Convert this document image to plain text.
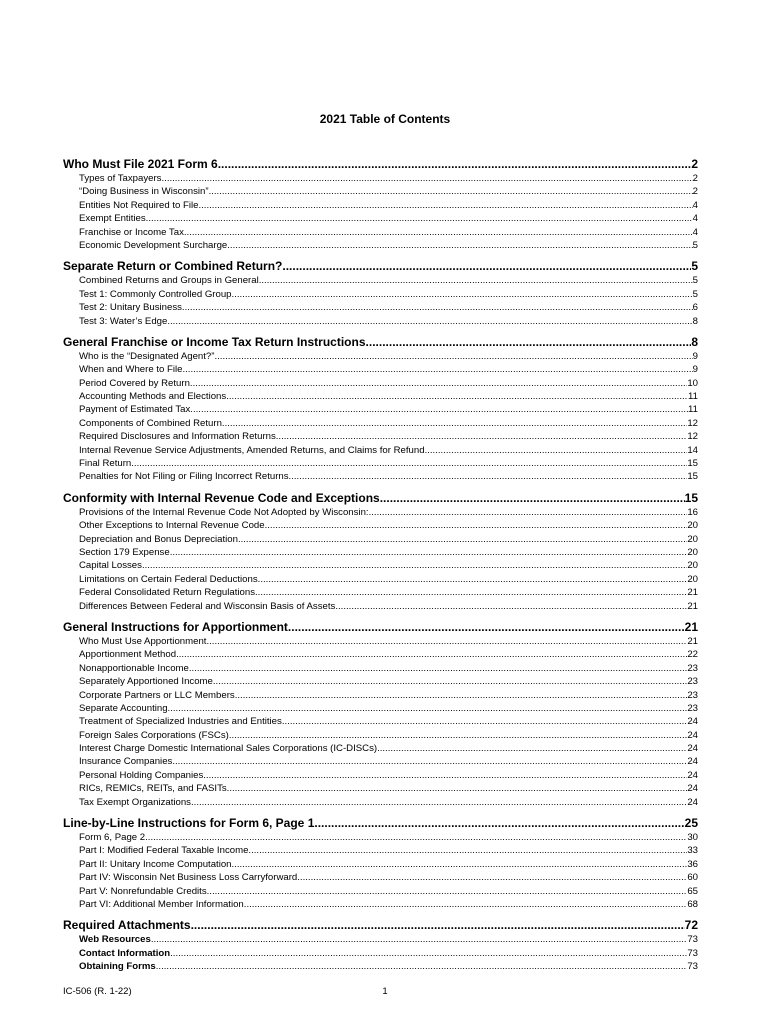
2021 Table of Contents
Who Must File 2021 Form 6 .....	2
Types of Taxpayers .....	2
“Doing Business in Wisconsin” .....	2
Entities Not Required to File .....	4
Exempt Entities .....	4
Franchise or Income Tax .....	4
Economic Development Surcharge .....	5
Separate Return or Combined Return? .....	5
Combined Returns and Groups in General .....	5
Test 1: Commonly Controlled Group .....	5
Test 2: Unitary Business .....	6
Test 3: Water’s Edge .....	8
General Franchise or Income Tax Return Instructions .....	8
Who is the “Designated Agent?” .....	9
When and Where to File .....	9
Period Covered by Return .....	10
Accounting Methods and Elections .....	11
Payment of Estimated Tax .....	11
Components of Combined Return .....	12
Required Disclosures and Information Returns .....	12
Internal Revenue Service Adjustments, Amended Returns, and Claims for Refund .....	14
Final Return .....	15
Penalties for Not Filing or Filing Incorrect Returns .....	15
Conformity with Internal Revenue Code and Exceptions .....	15
Provisions of the Internal Revenue Code Not Adopted by Wisconsin: .....	16
Other Exceptions to Internal Revenue Code .....	20
Depreciation and Bonus Depreciation .....	20
Section 179 Expense .....	20
Capital Losses .....	20
Limitations on Certain Federal Deductions .....	20
Federal Consolidated Return Regulations .....	21
Differences Between Federal and Wisconsin Basis of Assets .....	21
General Instructions for Apportionment .....	21
Who Must Use Apportionment .....	21
Apportionment Method .....	22
Nonapportionable Income .....	23
Separately Apportioned Income .....	23
Corporate Partners or LLC Members .....	23
Separate Accounting .....	23
Treatment of Specialized Industries and Entities .....	24
Foreign Sales Corporations (FSCs) .....	24
Interest Charge Domestic International Sales Corporations (IC-DISCs) .....	24
Insurance Companies .....	24
Personal Holding Companies .....	24
RICs, REMICs, REITs, and FASITs .....	24
Tax Exempt Organizations .....	24
Line-by-Line Instructions for Form 6, Page 1 .....	25
Form 6, Page 2 .....	30
Part I: Modified Federal Taxable Income .....	33
Part II: Unitary Income Computation .....	36
Part IV: Wisconsin Net Business Loss Carryforward .....	60
Part V: Nonrefundable Credits .....	65
Part VI: Additional Member Information .....	68
Required Attachments .....	72
Web Resources .....	73
Contact Information .....	73
Obtaining Forms .....	73
IC-506 (R. 1-22)	1
